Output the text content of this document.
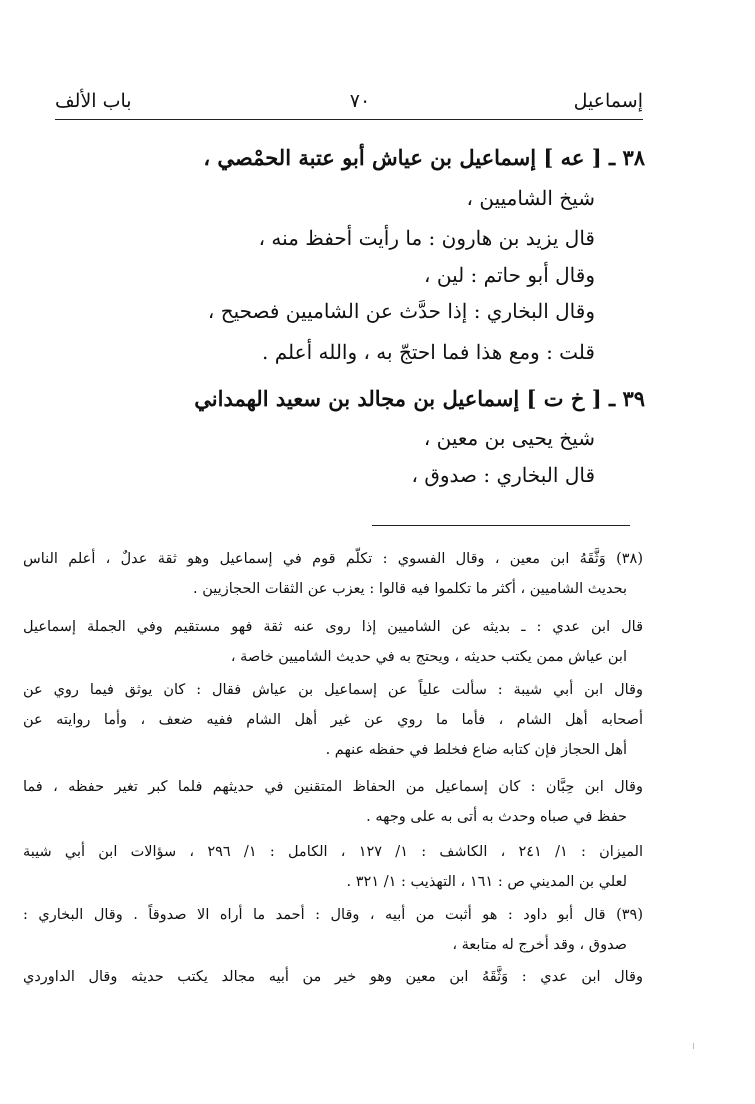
إسماعيل
٧٠
باب الألف
٣٨ ـ [ عه ] إسماعيل بن عياش أبو عتبة الحمْصي ،
شيخ الشاميين ،
قال يزيد بن هارون : ما رأيت أحفظ منه ،
وقال أبو حاتم : لين ،
وقال البخاري : إذا حدَّث عن الشاميين فصحيح ،
قلت : ومع هذا فما احتجّ به ، والله أعلم .
٣٩ ـ [ خ ت ] إسماعيل بن مجالد بن سعيد الهمداني
شيخ يحيى بن معين ،
قال البخاري : صدوق ،
(٣٨) وَثَّقَهُ ابن معين ، وقال الفسوي : تكلّم قوم في إسماعيل وهو ثقة عدلٌ ، أعلم الناس
بحديث الشاميين ، أكثر ما تكلموا فيه قالوا : يعزب عن الثقات الحجازيين .
قال ابن عدي : ـ بديثه عن الشاميين إذا روى عنه ثقة فهو مستقيم وفي الجملة إسماعيل
ابن عياش ممن يكتب حديثه ، ويحتج به في حديث الشاميين خاصة ،
وقال ابن أبي شيبة : سألت علياً عن إسماعيل بن عياش فقال : كان يوثق فيما روي عن
أصحابه أهل الشام ، فأما ما روي عن غير أهل الشام ففيه ضعف ، وأما روايته عن
أهل الحجاز فإن كتابه ضاع فخلط في حفظه عنهم .
وقال ابن حِبَّان : كان إسماعيل من الحفاظ المتقنين في حديثهم فلما كبر تغير حفظه ، فما
حفظ في صباه وحدث به أتى به على وجهه .
الميزان : ١/ ٢٤١ ، الكاشف : ١/ ١٢٧ ، الكامل : ١/ ٢٩٦ ، سؤالات ابن أبي شيبة
لعلي بن المديني ص : ١٦١ ، التهذيب : ١/ ٣٢١ .
(٣٩) قال أبو داود : هو أثبت من أبيه ، وقال : أحمد ما أراه الا صدوقاً . وقال البخاري :
صدوق ، وقد أخرج له متابعة ،
وقال ابن عدي : وَثَّقَهُ ابن معين وهو خير من أبيه مجالد يكتب حديثه وقال الداوردي
